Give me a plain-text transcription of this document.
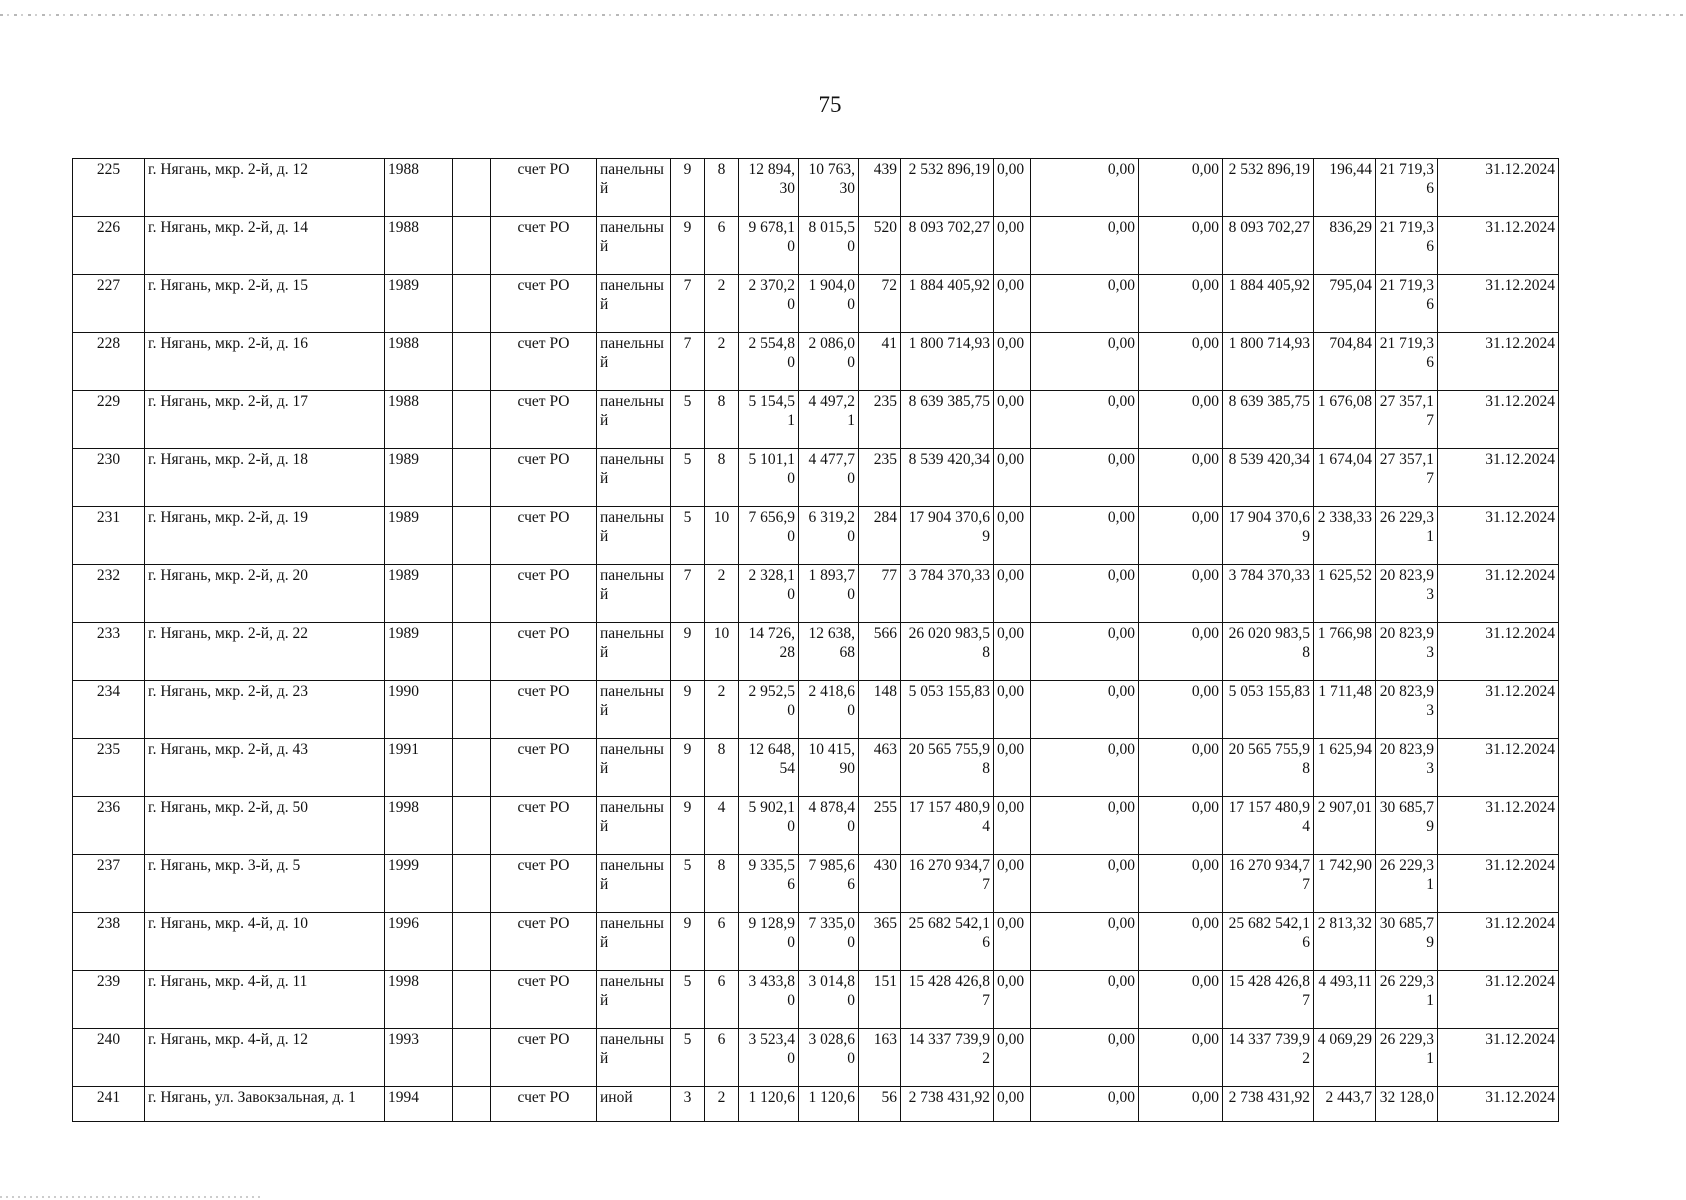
75
225	г. Нягань, мкр. 2-й, д. 12	1988		счет РО	панельный	9	8	12 894,30	10 763,30	439	2 532 896,19	0,00	0,00	0,00	2 532 896,19	196,44	21 719,36	31.12.2024
226	г. Нягань, мкр. 2-й, д. 14	1988		счет РО	панельный	9	6	9 678,10	8 015,50	520	8 093 702,27	0,00	0,00	0,00	8 093 702,27	836,29	21 719,36	31.12.2024
227	г. Нягань, мкр. 2-й, д. 15	1989		счет РО	панельный	7	2	2 370,20	1 904,00	72	1 884 405,92	0,00	0,00	0,00	1 884 405,92	795,04	21 719,36	31.12.2024
228	г. Нягань, мкр. 2-й, д. 16	1988		счет РО	панельный	7	2	2 554,80	2 086,00	41	1 800 714,93	0,00	0,00	0,00	1 800 714,93	704,84	21 719,36	31.12.2024
229	г. Нягань, мкр. 2-й, д. 17	1988		счет РО	панельный	5	8	5 154,51	4 497,21	235	8 639 385,75	0,00	0,00	0,00	8 639 385,75	1 676,08	27 357,17	31.12.2024
230	г. Нягань, мкр. 2-й, д. 18	1989		счет РО	панельный	5	8	5 101,10	4 477,70	235	8 539 420,34	0,00	0,00	0,00	8 539 420,34	1 674,04	27 357,17	31.12.2024
231	г. Нягань, мкр. 2-й, д. 19	1989		счет РО	панельный	5	10	7 656,90	6 319,20	284	17 904 370,69	0,00	0,00	0,00	17 904 370,69	2 338,33	26 229,31	31.12.2024
232	г. Нягань, мкр. 2-й, д. 20	1989		счет РО	панельный	7	2	2 328,10	1 893,70	77	3 784 370,33	0,00	0,00	0,00	3 784 370,33	1 625,52	20 823,93	31.12.2024
233	г. Нягань, мкр. 2-й, д. 22	1989		счет РО	панельный	9	10	14 726,28	12 638,68	566	26 020 983,58	0,00	0,00	0,00	26 020 983,58	1 766,98	20 823,93	31.12.2024
234	г. Нягань, мкр. 2-й, д. 23	1990		счет РО	панельный	9	2	2 952,50	2 418,60	148	5 053 155,83	0,00	0,00	0,00	5 053 155,83	1 711,48	20 823,93	31.12.2024
235	г. Нягань, мкр. 2-й, д. 43	1991		счет РО	панельный	9	8	12 648,54	10 415,90	463	20 565 755,98	0,00	0,00	0,00	20 565 755,98	1 625,94	20 823,93	31.12.2024
236	г. Нягань, мкр. 2-й, д. 50	1998		счет РО	панельный	9	4	5 902,10	4 878,40	255	17 157 480,94	0,00	0,00	0,00	17 157 480,94	2 907,01	30 685,79	31.12.2024
237	г. Нягань, мкр. 3-й, д. 5	1999		счет РО	панельный	5	8	9 335,56	7 985,66	430	16 270 934,77	0,00	0,00	0,00	16 270 934,77	1 742,90	26 229,31	31.12.2024
238	г. Нягань, мкр. 4-й, д. 10	1996		счет РО	панельный	9	6	9 128,90	7 335,00	365	25 682 542,16	0,00	0,00	0,00	25 682 542,16	2 813,32	30 685,79	31.12.2024
239	г. Нягань, мкр. 4-й, д. 11	1998		счет РО	панельный	5	6	3 433,80	3 014,80	151	15 428 426,87	0,00	0,00	0,00	15 428 426,87	4 493,11	26 229,31	31.12.2024
240	г. Нягань, мкр. 4-й, д. 12	1993		счет РО	панельный	5	6	3 523,40	3 028,60	163	14 337 739,92	0,00	0,00	0,00	14 337 739,92	4 069,29	26 229,31	31.12.2024
241	г. Нягань, ул. Завокзальная, д. 1	1994		счет РО	иной	3	2	1 120,6	1 120,6	56	2 738 431,92	0,00	0,00	0,00	2 738 431,92	2 443,7	32 128,0	31.12.2024
